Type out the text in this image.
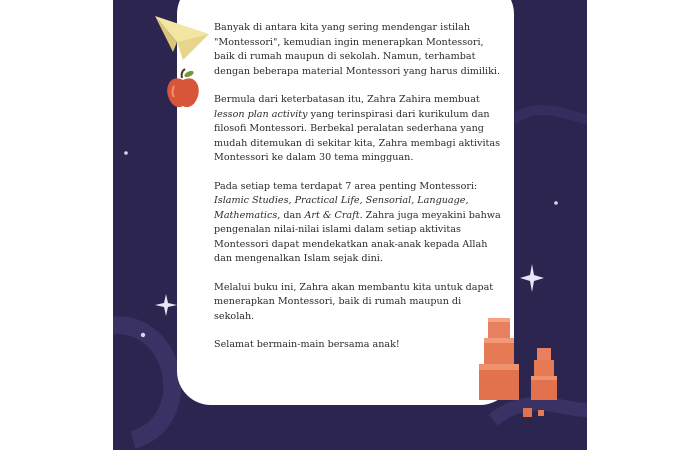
Banyak di antara kita yang sering mendengar istilah "Montessori", kemudian ingin menerapkan Montessori, baik di rumah maupun di sekolah. Namun, terhambat dengan beberapa material Montessori yang harus dimiliki.

Bermula dari keterbatasan itu, Zahra Zahira membuat lesson plan activity yang terinspirasi dari kurikulum dan filosofi Montessori. Berbekal peralatan sederhana yang mudah ditemukan di sekitar kita, Zahra membagi aktivitas Montessori ke dalam 30 tema mingguan.

Pada setiap tema terdapat 7 area penting Montessori: Islamic Studies, Practical Life, Sensorial, Language, Mathematics, dan Art & Craft. Zahra juga meyakini bahwa pengenalan nilai-nilai islami dalam setiap aktivitas Montessori dapat mendekatkan anak-anak kepada Allah dan mengenalkan Islam sejak dini.

Melalui buku ini, Zahra akan membantu kita untuk dapat menerapkan Montessori, baik di rumah maupun di sekolah.

Selamat bermain-main bersama anak!
